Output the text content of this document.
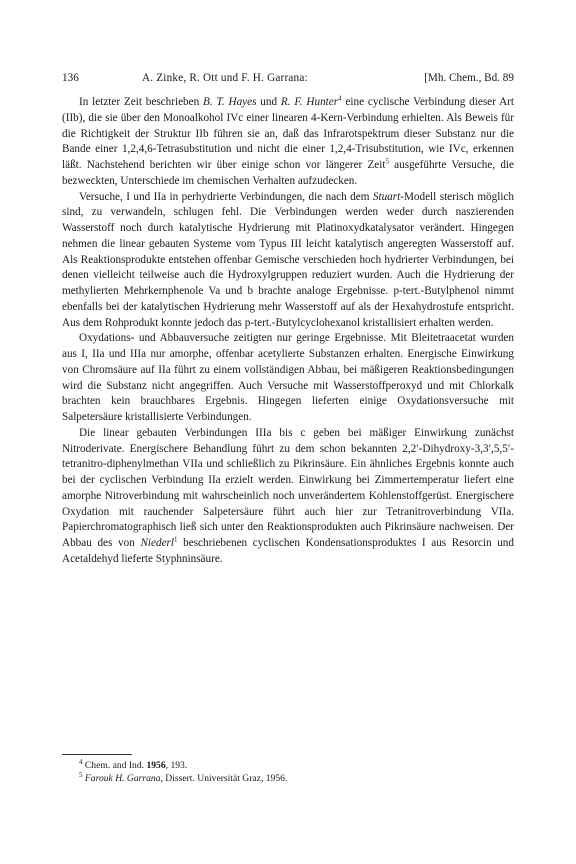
136	A. Zinke, R. Ott und F. H. Garrana:	[Mh. Chem., Bd. 89

In letzter Zeit beschrieben B. T. Hayes und R. F. Hunter$^4$ eine cyclische Verbindung dieser Art (IIb), die sie über den Monoalkohol IVc einer linearen 4-Kern-Verbindung erhielten. Als Beweis für die Richtigkeit der Struktur IIb führen sie an, daß das Infrarotspektrum dieser Substanz nur die Bande einer 1,2,4,6-Tetrasubstitution und nicht die einer 1,2,4-Trisubstitution, wie IVc, erkennen läßt. Nachstehend berichten wir über einige schon vor längerer Zeit$^5$ ausgeführte Versuche, die bezweckten, Unterschiede im chemischen Verhalten aufzudecken.

Versuche, I und IIa in perhydrierte Verbindungen, die nach dem Stuart-Modell sterisch möglich sind, zu verwandeln, schlugen fehl. Die Verbindungen werden weder durch naszierenden Wasserstoff noch durch katalytische Hydrierung mit Platinoxydkatalysator verändert. Hingegen nehmen die linear gebauten Systeme vom Typus III leicht katalytisch angeregten Wasserstoff auf. Als Reaktionsprodukte entstehen offenbar Gemische verschieden hoch hydrierter Verbindungen, bei denen vielleicht teilweise auch die Hydroxylgruppen reduziert wurden. Auch die Hydrierung der methylierten Mehrkernphenole Va und b brachte analoge Ergebnisse. p-tert.-Butylphenol nimmt ebenfalls bei der katalytischen Hydrierung mehr Wasserstoff auf als der Hexahydrostufe entspricht. Aus dem Rohprodukt konnte jedoch das p-tert.-Butylcyclohexanol kristallisiert erhalten werden.

Oxydations- und Abbauversuche zeitigten nur geringe Ergebnisse. Mit Bleitetraacetat wurden aus I, IIa und IIIa nur amorphe, offenbar acetylierte Substanzen erhalten. Energische Einwirkung von Chromsäure auf IIa führt zu einem vollständigen Abbau, bei mäßigeren Reaktionsbedingungen wird die Substanz nicht angegriffen. Auch Versuche mit Wasserstoffperoxyd und mit Chlorkalk brachten kein brauchbares Ergebnis. Hingegen lieferten einige Oxydationsversuche mit Salpetersäure kristallisierte Verbindungen.

Die linear gebauten Verbindungen IIIa bis c geben bei mäßiger Einwirkung zunächst Nitroderivate. Energischere Behandlung führt zu dem schon bekannten 2,2′-Dihydroxy-3,3′,5,5′-tetranitro-diphenylmethan VIIa und schließlich zu Pikrinsäure. Ein ähnliches Ergebnis konnte auch bei der cyclischen Verbindung IIa erzielt werden. Einwirkung bei Zimmertemperatur liefert eine amorphe Nitroverbindung mit wahrscheinlich noch unverändertem Kohlenstoffgerüst. Energischere Oxydation mit rauchender Salpetersäure führt auch hier zur Tetranitroverbindung VIIa. Papierchromatographisch ließ sich unter den Reaktionsprodukten auch Pikrinsäure nachweisen. Der Abbau des von Niederl$^1$ beschriebenen cyclischen Kondensationsproduktes I aus Resorcin und Acetaldehyd lieferte Styphninsäure.

$^4$ Chem. and Ind. 1956, 193.
$^5$ Farouk H. Garrana, Dissert. Universität Graz, 1956.
